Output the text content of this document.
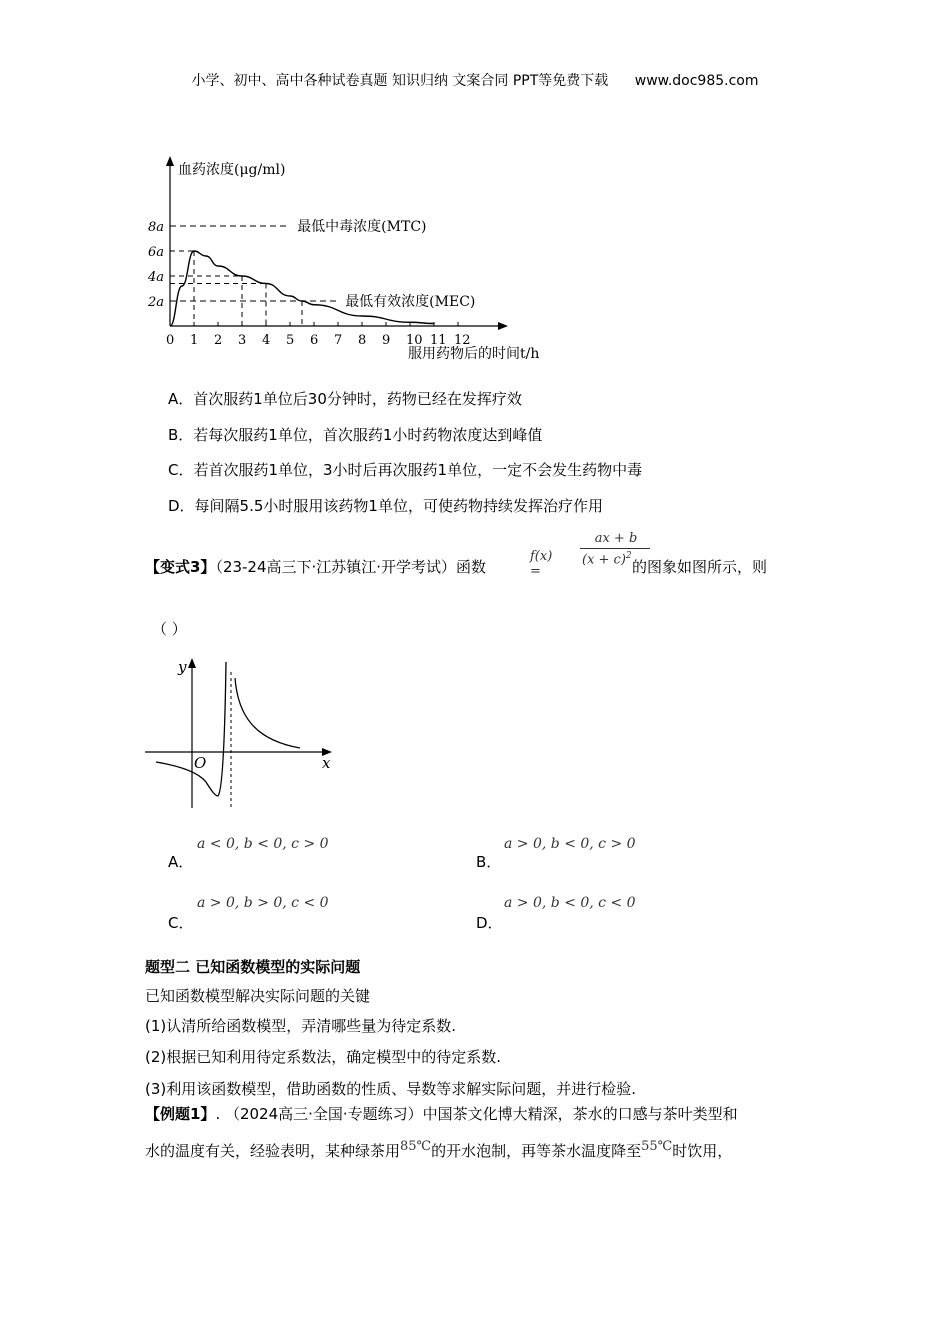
小学、初中、高中各种试卷真题 知识归纳 文案合同 PPT等免费下载 www.doc985.com
血药浓度(μg/ml)
8a
6a
4a
2a
0 1 2 3 4 5 6 7 8 9 10 11 12
服用药物后的时间t/h
最低中毒浓度(MTC)
最低有效浓度(MEC)
A．首次服药1单位后30分钟时，药物已经在发挥疗效
B．若每次服药1单位，首次服药1小时药物浓度达到峰值
C．若首次服药1单位，3小时后再次服药1单位，一定不会发生药物中毒
D．每间隔5.5小时服用该药物1单位，可使药物持续发挥治疗作用
【变式3】（23-24高三下·江苏镇江·开学考试）函数
f(x) =
ax + b
$(x + c)^2$
的图象如图所示，则
（ ）
y
x
O
A．
a < 0, b < 0, c > 0
B．
a > 0, b < 0, c > 0
C．
a > 0, b > 0, c < 0
D．
a > 0, b < 0, c < 0
题型二 已知函数模型的实际问题
已知函数模型解决实际问题的关键
(1)认清所给函数模型，弄清哪些量为待定系数.
(2)根据已知利用待定系数法，确定模型中的待定系数.
(3)利用该函数模型，借助函数的性质、导数等求解实际问题，并进行检验.
【例题1】. （2024高三·全国·专题练习）中国茶文化博大精深，茶水的口感与茶叶类型和
水的温度有关，经验表明，某种绿茶用85℃的开水泡制，再等茶水温度降至55℃时饮用，
